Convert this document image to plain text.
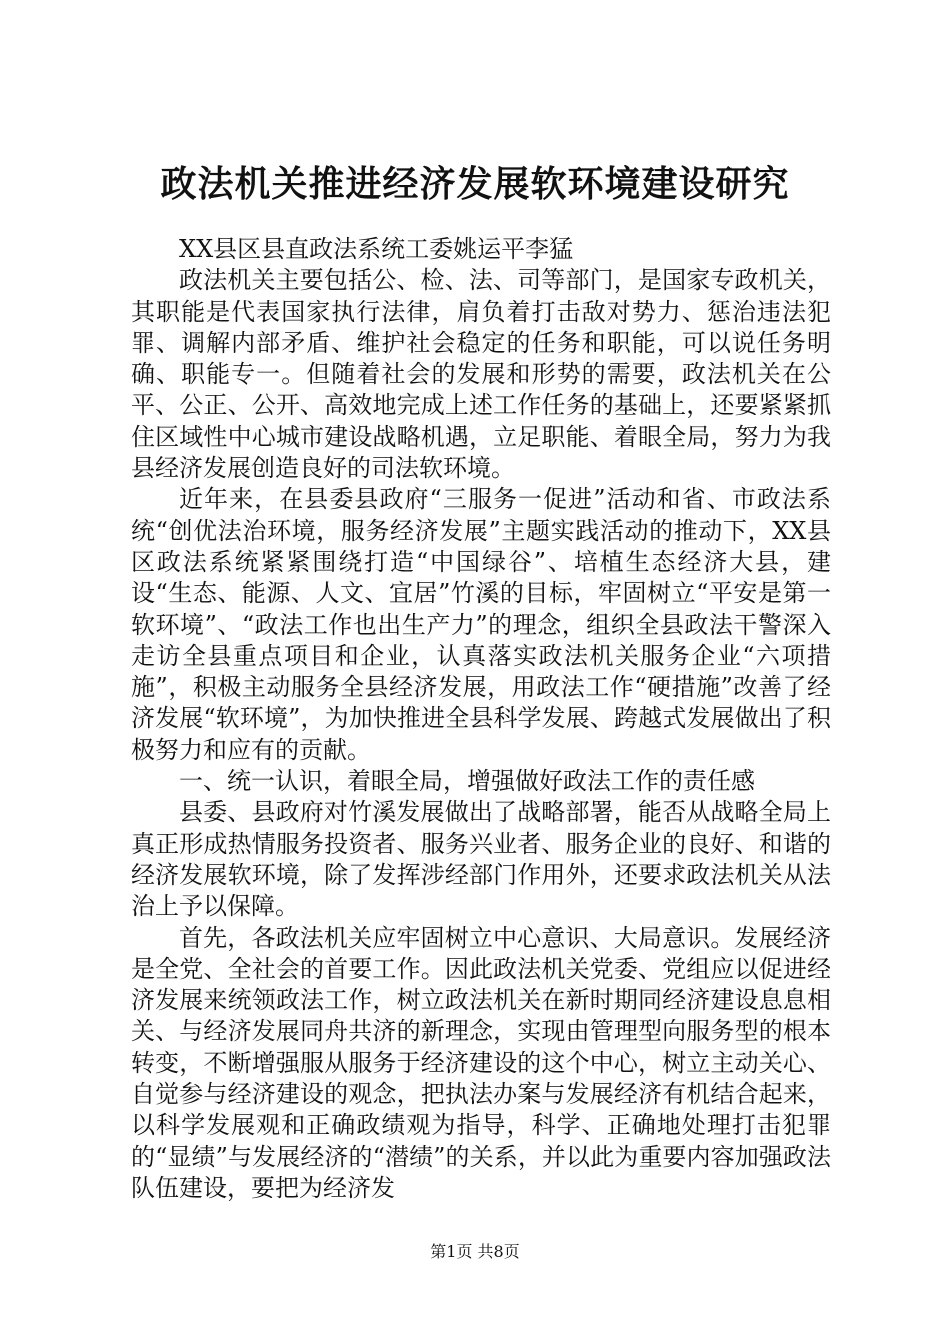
政法机关推进经济发展软环境建设研究

XX县区县直政法系统工委姚运平李猛

政法机关主要包括公、检、法、司等部门，是国家专政机关，其职能是代表国家执行法律，肩负着打击敌对势力、惩治违法犯罪、调解内部矛盾、维护社会稳定的任务和职能，可以说任务明确、职能专一。但随着社会的发展和形势的需要，政法机关在公平、公正、公开、高效地完成上述工作任务的基础上，还要紧紧抓住区域性中心城市建设战略机遇，立足职能、着眼全局，努力为我县经济发展创造良好的司法软环境。

近年来，在县委县政府“三服务一促进”活动和省、市政法系统“创优法治环境，服务经济发展”主题实践活动的推动下，XX县区政法系统紧紧围绕打造“中国绿谷”、培植生态经济大县，建设“生态、能源、人文、宜居”竹溪的目标，牢固树立“平安是第一软环境”、“政法工作也出生产力”的理念，组织全县政法干警深入走访全县重点项目和企业，认真落实政法机关服务企业“六项措施”，积极主动服务全县经济发展，用政法工作“硬措施”改善了经济发展“软环境”，为加快推进全县科学发展、跨越式发展做出了积极努力和应有的贡献。

一、统一认识，着眼全局，增强做好政法工作的责任感

县委、县政府对竹溪发展做出了战略部署，能否从战略全局上真正形成热情服务投资者、服务兴业者、服务企业的良好、和谐的经济发展软环境，除了发挥涉经部门作用外，还要求政法机关从法治上予以保障。

首先，各政法机关应牢固树立中心意识、大局意识。发展经济是全党、全社会的首要工作。因此政法机关党委、党组应以促进经济发展来统领政法工作，树立政法机关在新时期同经济建设息息相关、与经济发展同舟共济的新理念，实现由管理型向服务型的根本转变，不断增强服从服务于经济建设的这个中心，树立主动关心、自觉参与经济建设的观念，把执法办案与发展经济有机结合起来，以科学发展观和正确政绩观为指导，科学、正确地处理打击犯罪的“显绩”与发展经济的“潜绩”的关系，并以此为重要内容加强政法队伍建设，要把为经济发

第1页 共8页
